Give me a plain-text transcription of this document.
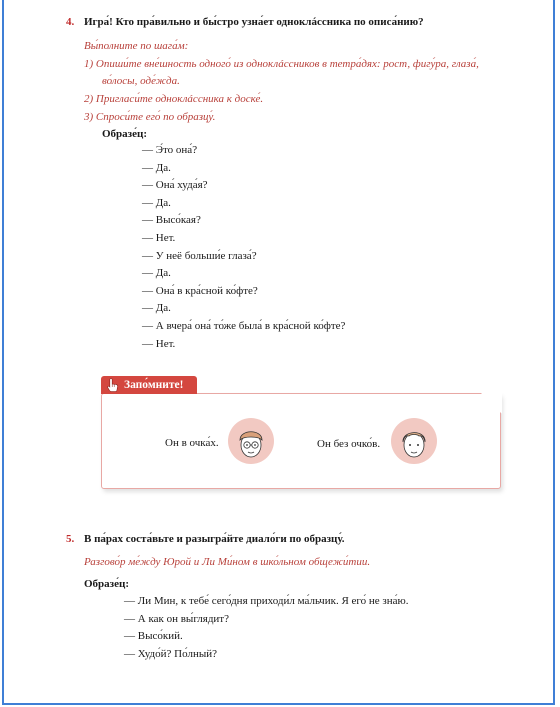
4. Игра́! Кто пра́вильно и бы́стро узна́ет одноклáссника по описа́нию?
Вы́полните по шага́м:
1) Опиши́те вне́шность одного́ из одноклáссников в тетра́дях: рост, фигу́ра, глаза́,
во́лосы, оде́жда.
2) Пригласи́те одноклáссника к доске́.
3) Спроси́те его́ по образцу́.
Образе́ц:
— Э́то она́?
— Да.
— Она́ худа́я?
— Да.
— Высо́кая?
— Нет.
— У неё больши́е глаза́?
— Да.
— Она́ в кра́сной ко́фте?
— Да.
— А вчера́ она́ то́же была́ в кра́сной ко́фте?
— Нет.
Запо́мните!
Он в очка́х.	Он без очко́в.
5. В па́рах соста́вьте и разыгра́йте диало́ги по образцу́.
Разгово́р ме́жду Юрой и Ли Ми́ном в шко́льном общежи́тии.
Образе́ц:
— Ли Мин, к тебе́ сего́дня приходи́л ма́льчик. Я его́ не зна́ю.
— А как он вы́глядит?
— Высо́кий.
— Худо́й? По́лный?
